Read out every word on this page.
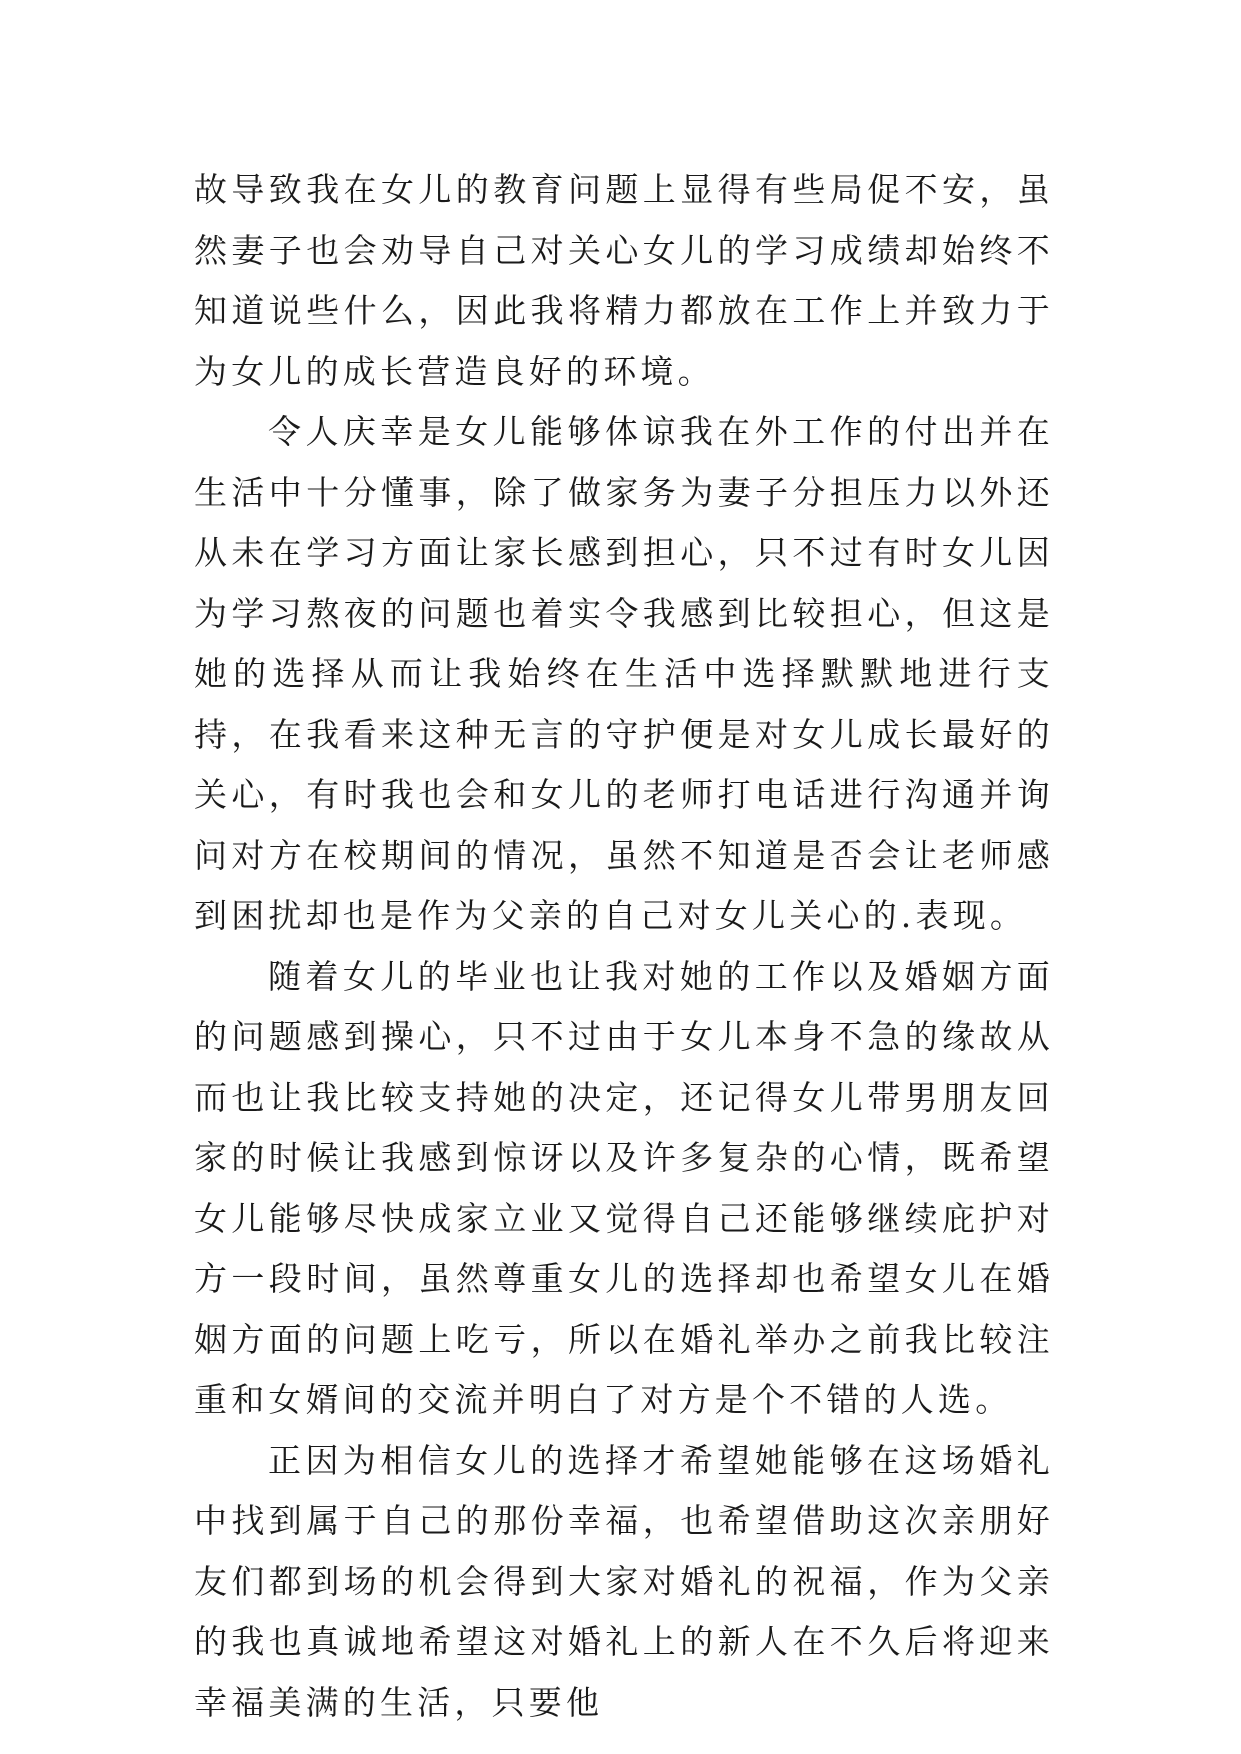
故导致我在女儿的教育问题上显得有些局促不安，虽然妻子也会劝导自己对关心女儿的学习成绩却始终不知道说些什么，因此我将精力都放在工作上并致力于为女儿的成长营造良好的环境。

令人庆幸是女儿能够体谅我在外工作的付出并在生活中十分懂事，除了做家务为妻子分担压力以外还从未在学习方面让家长感到担心，只不过有时女儿因为学习熬夜的问题也着实令我感到比较担心，但这是她的选择从而让我始终在生活中选择默默地进行支持，在我看来这种无言的守护便是对女儿成长最好的关心，有时我也会和女儿的老师打电话进行沟通并询问对方在校期间的情况，虽然不知道是否会让老师感到困扰却也是作为父亲的自己对女儿关心的.表现。

随着女儿的毕业也让我对她的工作以及婚姻方面的问题感到操心，只不过由于女儿本身不急的缘故从而也让我比较支持她的决定，还记得女儿带男朋友回家的时候让我感到惊讶以及许多复杂的心情，既希望女儿能够尽快成家立业又觉得自己还能够继续庇护对方一段时间，虽然尊重女儿的选择却也希望女儿在婚姻方面的问题上吃亏，所以在婚礼举办之前我比较注重和女婿间的交流并明白了对方是个不错的人选。

正因为相信女儿的选择才希望她能够在这场婚礼中找到属于自己的那份幸福，也希望借助这次亲朋好友们都到场的机会得到大家对婚礼的祝福，作为父亲的我也真诚地希望这对婚礼上的新人在不久后将迎来幸福美满的生活，只要他
